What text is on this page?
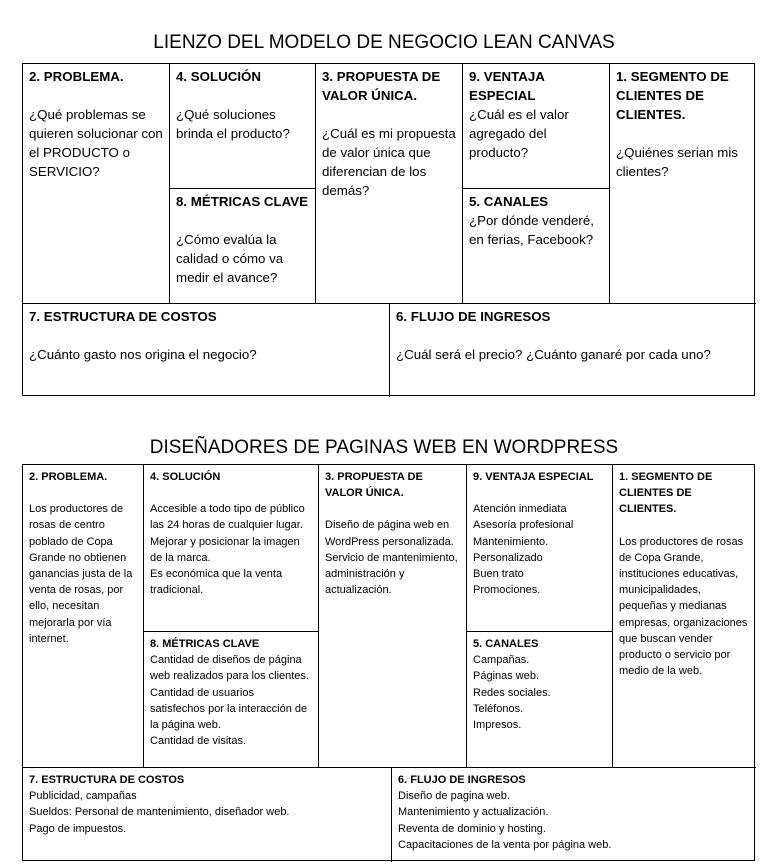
LIENZO DEL MODELO DE NEGOCIO LEAN CANVAS
2. PROBLEMA.
¿Qué problemas se quieren solucionar con el PRODUCTO o SERVICIO?
4. SOLUCIÓN
¿Qué soluciones brinda el producto?
8. MÉTRICAS CLAVE
¿Cómo evalúa la calidad o cómo va medir el avance?
3. PROPUESTA DE VALOR ÚNICA.
¿Cuál es mi propuesta de valor única que diferencian de los demás?
9. VENTAJA ESPECIAL
¿Cuál es el valor agregado del producto?
5. CANALES
¿Por dónde venderé, en ferias, Facebook?
1. SEGMENTO DE CLIENTES DE CLIENTES.
¿Quiénes serian mis clientes?
7. ESTRUCTURA DE COSTOS
¿Cuánto gasto nos origina el negocio?
6. FLUJO DE INGRESOS
¿Cuál será el precio? ¿Cuánto ganaré por cada uno?
DISEÑADORES DE PAGINAS WEB EN WORDPRESS
2. PROBLEMA.
Los productores de rosas de centro poblado de Copa Grande no obtienen ganancias justa de la venta de rosas, por ello, necesitan mejorarla por vía internet.
4. SOLUCIÓN
Accesible a todo tipo de público las 24 horas de cualquier lugar.
Mejorar y posicionar la imagen de la marca.
Es económica que la venta tradicional.
8. MÉTRICAS CLAVE
Cantidad de diseños de página web realizados para los clientes.
Cantidad de usuarios satisfechos por la interacción de la página web.
Cantidad de visitas.
3. PROPUESTA DE VALOR ÚNICA.
Diseño de página web en WordPress personalizada. Servicio de mantenimiento, administración y actualización.
9. VENTAJA ESPECIAL
Atención inmediata
Asesoría profesional
Mantenimiento.
Personalizado
Buen trato
Promociones.
5. CANALES
Campañas.
Páginas web.
Redes sociales.
Teléfonos.
Impresos.
1. SEGMENTO DE CLIENTES DE CLIENTES.
Los productores de rosas de Copa Grande, instituciones educativas, municipalidades, pequeñas y medianas empresas, organizaciones que buscan vender producto o servicio por medio de la web.
7. ESTRUCTURA DE COSTOS
Publicidad, campañas
Sueldos: Personal de mantenimiento, diseñador web.
Pago de impuestos.
6. FLUJO DE INGRESOS
Diseño de pagina web.
Mantenimiento y actualización.
Reventa de dominio y hosting.
Capacitaciones de la venta por página web.
